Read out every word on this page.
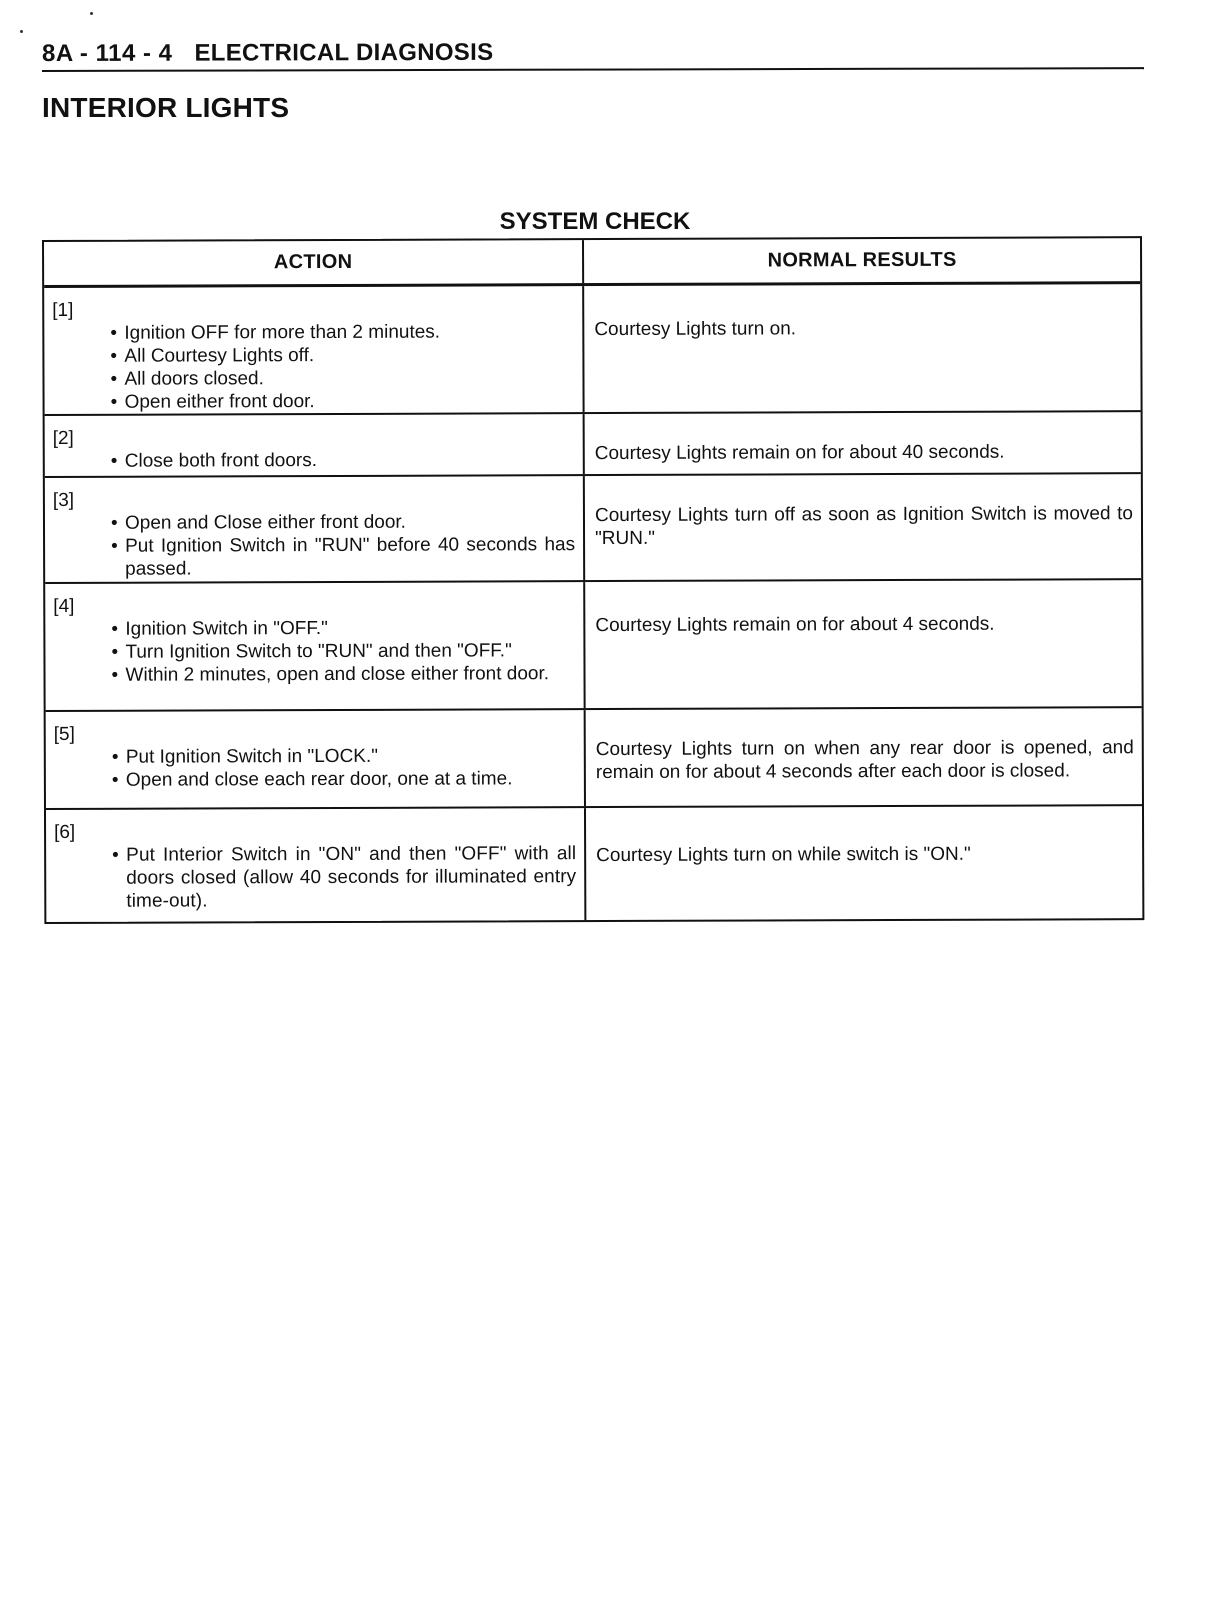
8A - 114 - 4 ELECTRICAL DIAGNOSIS
INTERIOR LIGHTS
SYSTEM CHECK
ACTION	NORMAL RESULTS
[1]
• Ignition OFF for more than 2 minutes.
• All Courtesy Lights off.
• All doors closed.
• Open either front door.
Courtesy Lights turn on.
[2]
• Close both front doors.	Courtesy Lights remain on for about 40 seconds.
[3]
• Open and Close either front door.
• Put Ignition Switch in "RUN" before 40 seconds has passed.
Courtesy Lights turn off as soon as Ignition Switch is moved to "RUN."
[4]
• Ignition Switch in "OFF."
• Turn Ignition Switch to "RUN" and then "OFF."
• Within 2 minutes, open and close either front door.
Courtesy Lights remain on for about 4 seconds.
[5]
• Put Ignition Switch in "LOCK."
• Open and close each rear door, one at a time.
Courtesy Lights turn on when any rear door is opened, and remain on for about 4 seconds after each door is closed.
[6]
• Put Interior Switch in "ON" and then "OFF" with all doors closed (allow 40 seconds for illuminated entry time-out).
Courtesy Lights turn on while switch is "ON."
